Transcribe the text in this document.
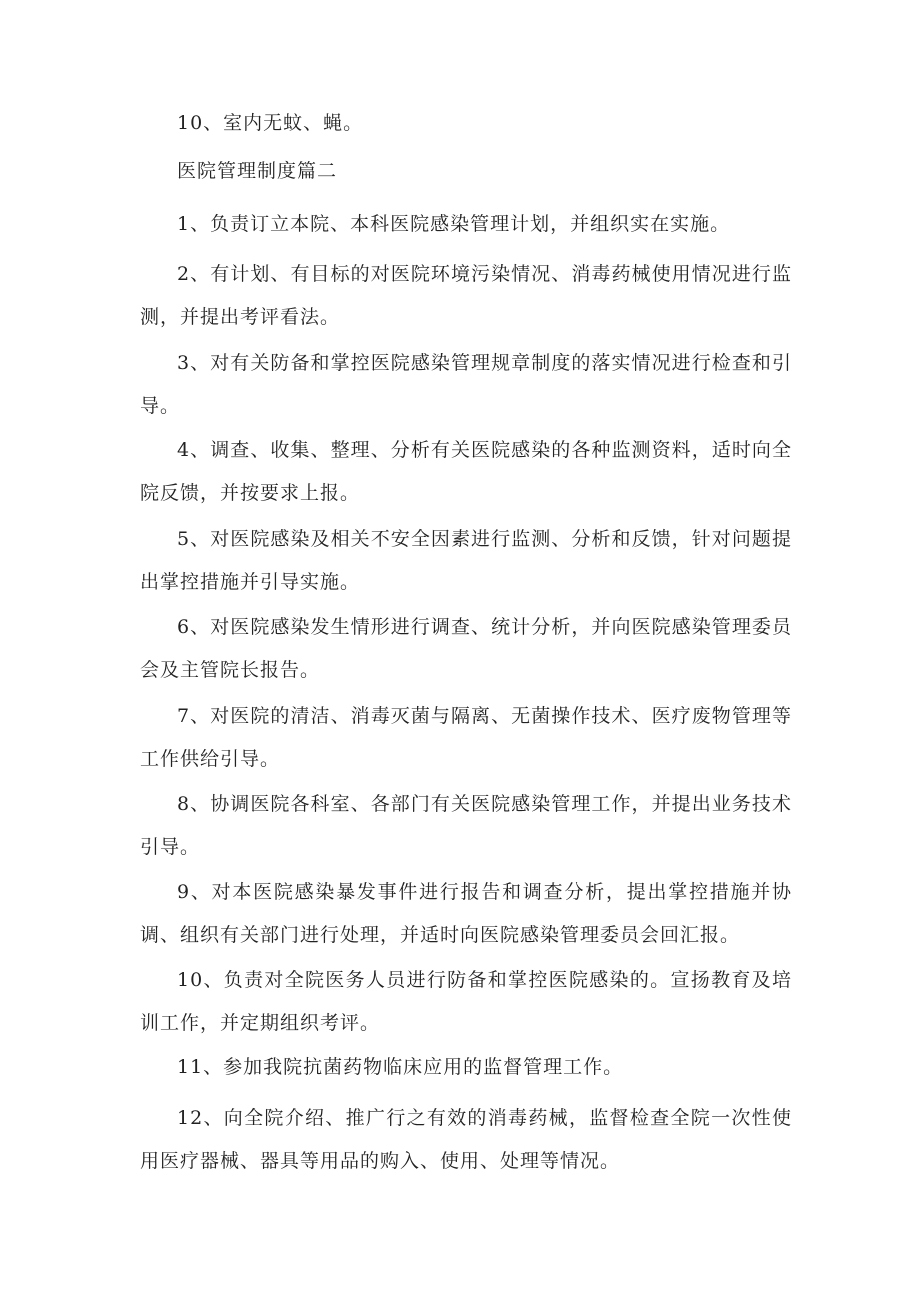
10、室内无蚊、蝇。

医院管理制度篇二

1、负责订立本院、本科医院感染管理计划，并组织实在实施。

2、有计划、有目标的对医院环境污染情况、消毒药械使用情况进行监测，并提出考评看法。

3、对有关防备和掌控医院感染管理规章制度的落实情况进行检查和引导。

4、调查、收集、整理、分析有关医院感染的各种监测资料，适时向全院反馈，并按要求上报。

5、对医院感染及相关不安全因素进行监测、分析和反馈，针对问题提出掌控措施并引导实施。

6、对医院感染发生情形进行调查、统计分析，并向医院感染管理委员会及主管院长报告。

7、对医院的清洁、消毒灭菌与隔离、无菌操作技术、医疗废物管理等工作供给引导。

8、协调医院各科室、各部门有关医院感染管理工作，并提出业务技术引导。

9、对本医院感染暴发事件进行报告和调查分析，提出掌控措施并协调、组织有关部门进行处理，并适时向医院感染管理委员会回汇报。

10、负责对全院医务人员进行防备和掌控医院感染的。宣扬教育及培训工作，并定期组织考评。

11、参加我院抗菌药物临床应用的监督管理工作。

12、向全院介绍、推广行之有效的消毒药械，监督检查全院一次性使用医疗器械、器具等用品的购入、使用、处理等情况。
